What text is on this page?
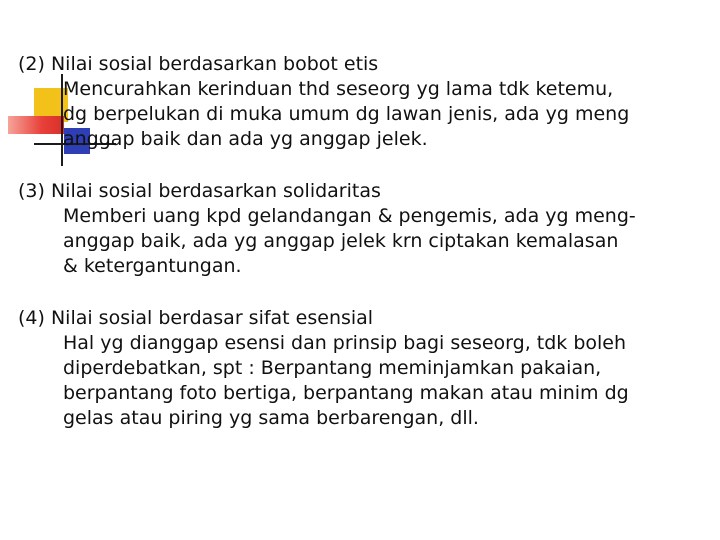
(2) Nilai sosial berdasarkan bobot etis
Mencurahkan kerinduan thd seseorg yg lama tdk ketemu,
dg berpelukan di muka umum dg lawan jenis, ada yg meng
anggap baik dan ada yg anggap jelek.
(3) Nilai sosial berdasarkan solidaritas
Memberi uang kpd gelandangan & pengemis, ada yg meng-
anggap baik, ada yg anggap jelek krn ciptakan kemalasan
& ketergantungan.
(4) Nilai sosial berdasar sifat esensial
Hal yg dianggap esensi dan prinsip bagi seseorg, tdk boleh
diperdebatkan, spt : Berpantang meminjamkan pakaian,
berpantang foto bertiga, berpantang makan atau minim dg
gelas atau piring yg sama berbarengan, dll.
